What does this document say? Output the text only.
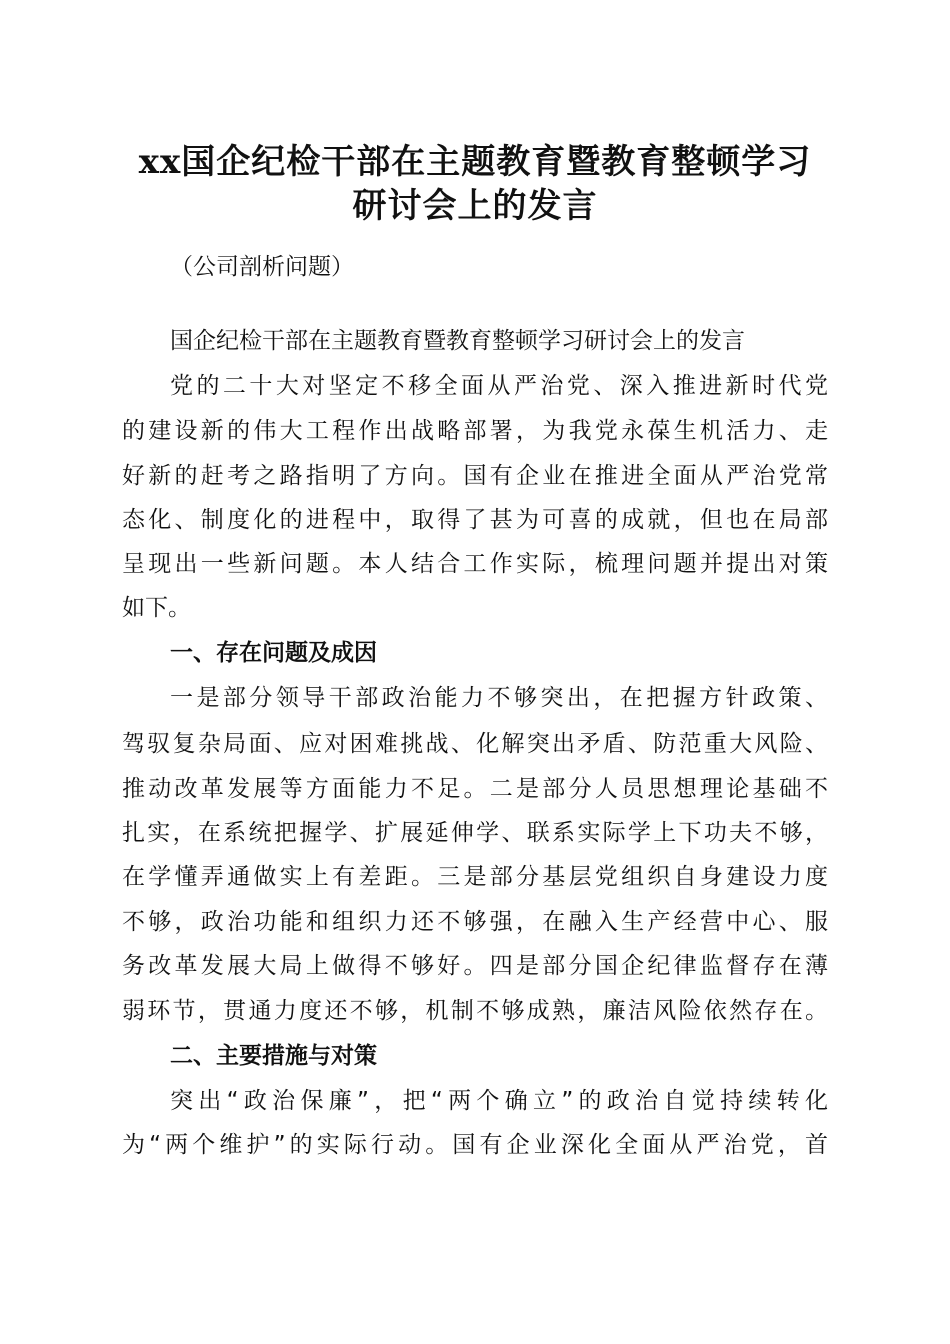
xx国企纪检干部在主题教育暨教育整顿学习
研讨会上的发言
（公司剖析问题）
国企纪检干部在主题教育暨教育整顿学习研讨会上的发言
党的二十大对坚定不移全面从严治党、深入推进新时代党
的建设新的伟大工程作出战略部署，为我党永葆生机活力、走
好新的赶考之路指明了方向。国有企业在推进全面从严治党常
态化、制度化的进程中，取得了甚为可喜的成就，但也在局部
呈现出一些新问题。本人结合工作实际，梳理问题并提出对策
如下。
一、存在问题及成因
一是部分领导干部政治能力不够突出，在把握方针政策、
驾驭复杂局面、应对困难挑战、化解突出矛盾、防范重大风险、
推动改革发展等方面能力不足。二是部分人员思想理论基础不
扎实，在系统把握学、扩展延伸学、联系实际学上下功夫不够，
在学懂弄通做实上有差距。三是部分基层党组织自身建设力度
不够，政治功能和组织力还不够强，在融入生产经营中心、服
务改革发展大局上做得不够好。四是部分国企纪律监督存在薄
弱环节，贯通力度还不够，机制不够成熟，廉洁风险依然存在。
二、主要措施与对策
突出“政治保廉”，把“两个确立”的政治自觉持续转化
为“两个维护”的实际行动。国有企业深化全面从严治党，首
